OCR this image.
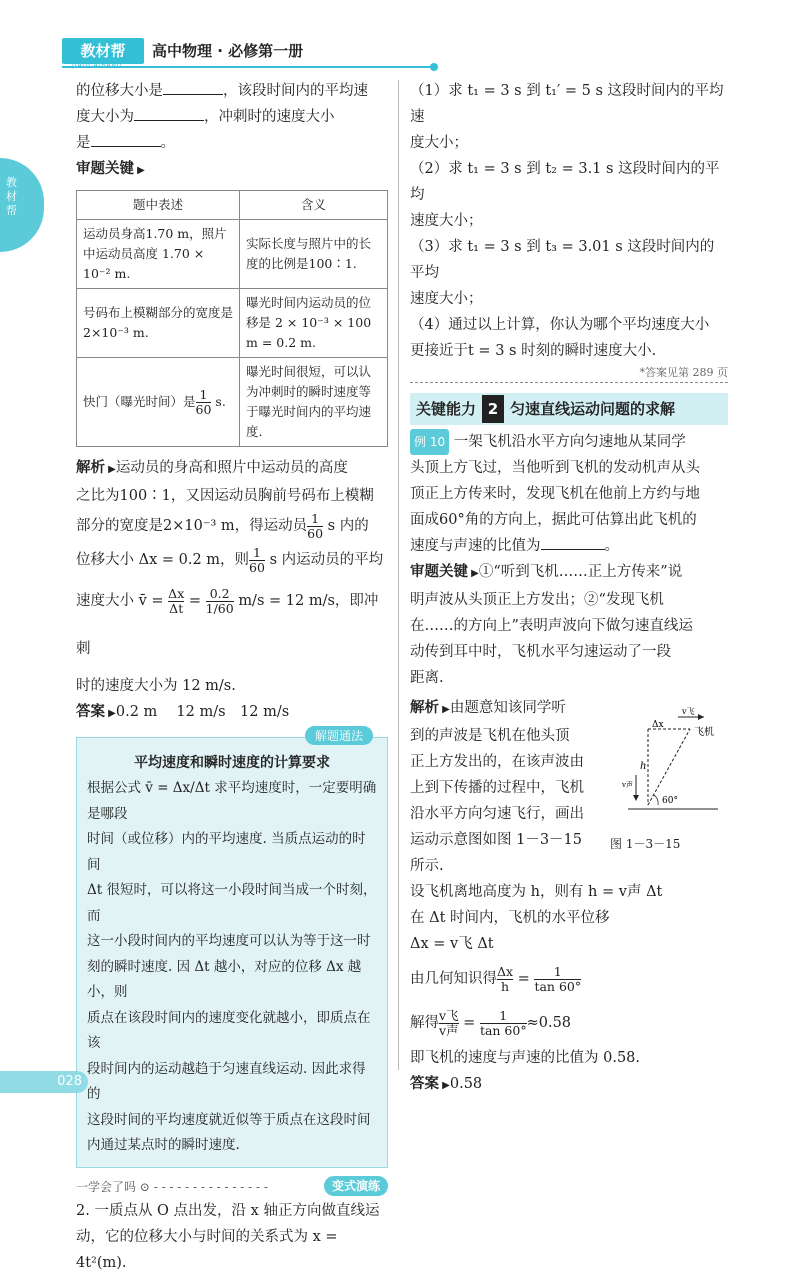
教材帮	高中物理 · 必修第一册
教材帮

的位移大小是	，该段时间内的平均速

度大小为	，冲刺时的速度大小

是	。

审题关键 ▶

题中表述	含义
运动员身高1.70 m，照片中运动员高度 1.70 × 10⁻² m.	实际长度与照片中的长度的比例是100∶1.
号码布上模糊部分的宽度是2×10⁻³ m.	曝光时间内运动员的位移是 2 × 10⁻³ × 100 m = 0.2 m.
快门（曝光时间）是 $\frac{1}{60} s$.	曝光时间很短，可以认为冲刺时的瞬时速度等于曝光时间内的平均速度.

解析 ▶运动员的身高和照片中运动员的高度

之比为100∶1，又因运动员胸前号码布上模糊

部分的宽度是2×10⁻³ m，得运动员 $\frac{1}{60}$ s 内的

位移大小 Δx = 0.2 m，则 $\frac{1}{60}$ s 内运动员的平均

速度大小 v̄ = $\frac{\Delta x}{\Delta t} = \frac{0.2}{1/60} m/s = 12$ m/s，即冲刺

时的速度大小为 12 m/s.

答案 ▶0.2 m　 12 m/s　12 m/s

解题通法
平均速度和瞬时速度的计算要求

根据公式 v̄ = Δx/Δt 求平均速度时，一定要明确是哪段

时间（或位移）内的平均速度. 当质点运动的时间

Δt 很短时，可以将这一小段时间当成一个时刻，而

这一小段时间内的平均速度可以认为等于这一时

刻的瞬时速度. 因 Δt 越小，对应的位移 Δx 越小，则

质点在该段时间内的速度变化就越小，即质点在该

段时间内的运动越趋于匀速直线运动. 因此求得的

这段时间的平均速度就近似等于质点在这段时间

内通过某点时的瞬时速度.

一学会了吗 ⊙ - - - - - - - - - - - - - - -	变式演练

2. 一质点从 O 点出发，沿 x 轴正方向做直线运

动，它的位移大小与时间的关系式为 x = 4t²(m).

（1）求 t₁ = 3 s 到 t₁′ = 5 s 这段时间内的平均速

度大小；

（2）求 t₁ = 3 s 到 t₂ = 3.1 s 这段时间内的平均

速度大小；

（3）求 t₁ = 3 s 到 t₃ = 3.01 s 这段时间内的平均

速度大小；

（4）通过以上计算，你认为哪个平均速度大小

更接近于t = 3 s 时刻的瞬时速度大小.

*答案见第 289 页
关键能力 2 匀速直线运动问题的求解

例 10 一架飞机沿水平方向匀速地从某同学

头顶上方飞过，当他听到飞机的发动机声从头

顶正上方传来时，发现飞机在他前上方约与地

面成60°角的方向上，据此可估算出此飞机的

速度与声速的比值为	。

审题关键 ▶①“听到飞机……正上方传来”说

明声波从头顶正上方发出；②“发现飞机

在……的方向上”表明声波向下做匀速直线运

动传到耳中时，飞机水平匀速运动了一段

距离.

解析 ▶由题意知该同学听

到的声波是飞机在他头顶

正上方发出的，在该声波由

上到下传播的过程中，飞机

沿水平方向匀速飞行，画出

运动示意图如图 1－3－15

所示.

v飞
Δx
飞机
h
v声
60°
图 1－3－15

设飞机离地高度为 h，则有 h = v声 Δt

在 Δt 时间内，飞机的水平位移

Δx = v飞 Δt

由几何知识得 $\frac{\Delta x}{h} = \frac{1}{\tan 60^\circ}$

解得 $\frac{\text{v飞}}{\text{v声}} = \frac{1}{\tan 60^\circ} \approx 0.58$

即飞机的速度与声速的比值为 0.58.

答案 ▶0.58

028
